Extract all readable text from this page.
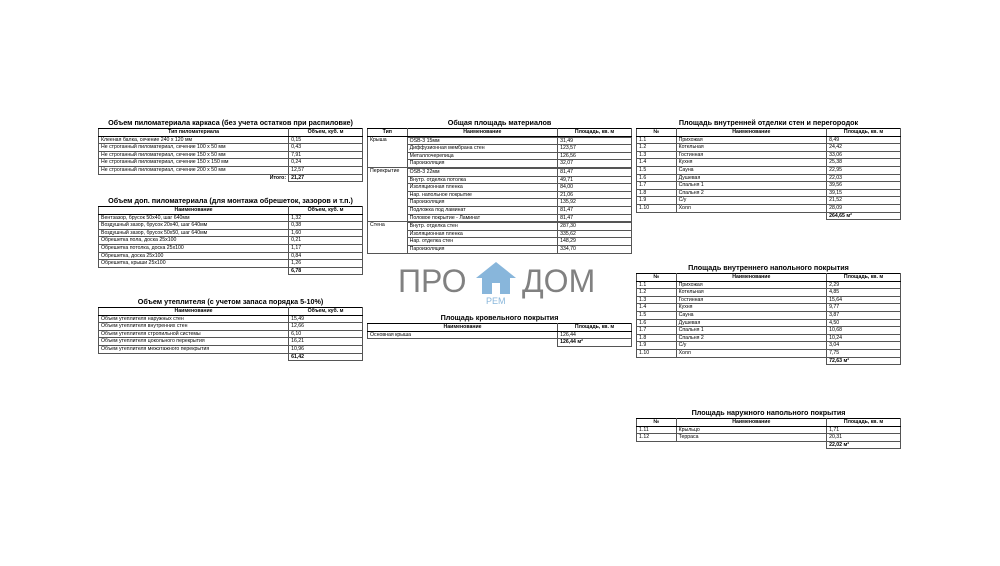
Объем пиломатериала каркаса (без учета остатков при распиловке)
Тип пиломатериала	Объем, куб. м
Клееная балка, сечение 240 x 120 мм	0,15
Не строганный пиломатериал, сечение 100 x 50 мм	0,43
Не строганный пиломатериал, сечение 150 x 50 мм	7,91
Не строганный пиломатериал, сечение 150 x 150 мм	0,24
Не строганный пиломатериал, сечение 200 x 50 мм	12,57
Итого:	21,27
Объем доп. пиломатериала (для монтажа обрешеток, зазоров и т.п.)
Наименование	Объем, куб. м
Вентзазор, брусок 50x40, шаг 640мм	1,32
Воздушный зазор, брусок 20x40, шаг 640мм	0,38
Воздушный зазор, брусок 50x50, шаг 640мм	1,60
Обрешетка пола, доска 25x100	0,21
Обрешетка потолка, доска 25x100	1,17
Обрешетка, доска 25x100	0,84
Обрешетка, крыши 25x100	1,26
	6,78
Объем утеплителя (с учетом запаса порядка 5-10%)
Наименование	Объем, куб. м
Объем утеплителя наружных стен	15,49
Объем утеплителя внутренних стен	12,66
Объем утеплителя стропильной системы	6,10
Объем утеплителя цокольного перекрытия	16,21
Объем утеплителя межэтажного перекрытия	10,96
	61,42
Общая площадь материалов
Тип	Наименование	Площадь, кв. м
Крыша		
	OSB-3 15мм	31,49
	Диффузионная мембрана стен	123,57
	Металлочерепица	126,56
	Пароизоляция	32,07
Перекрытие		
	OSB-3 22мм	81,47
	Внутр. отделка потолка	49,71
	Изоляционная пленка	84,00
	Нар. напольное покрытие	21,06
	Пароизоляция	135,92
	Подложка под ламинат	81,47
	Половое покрытие - Ламинат	81,47
Стена		
	Внутр. отделка стен	287,30
	Изоляционная пленка	335,62
	Нар. отделка стен	148,29
	Пароизоляция	334,70
Площадь кровельного покрытия
Наименование	Площадь, кв. м
Основная крыша	126,44
	126,44 м²
Площадь внутренней отделки стен и перегородок
№	Наименование	Площадь, кв. м
1.1	Прихожая	8,49
1.2	Котельная	24,42
1.3	Гостинная	33,06
1.4	Кухня	25,38
1.5	Сауна	22,95
1.6	Душевая	22,03
1.7	Спальня 1	39,56
1.8	Спальня 2	39,15
1.9	С/у	21,52
1.10	Холл	28,09
		264,65 м²
Площадь внутреннего напольного покрытия
№	Наименование	Площадь, кв. м
1.1	Прихожая	2,29
1.2	Котельная	4,85
1.3	Гостинная	15,64
1.4	Кухня	9,77
1.5	Сауна	3,87
1.6	Душевая	4,50
1.7	Спальня 1	10,68
1.8	Спальня 2	10,24
1.9	С/у	3,04
1.10	Холл	7,75
		72,63 м²
Площадь наружного напольного покрытия
№	Наименование	Площадь, кв. м
1.11	Крыльцо	1,71
1.12	Терраса	20,31
		22,02 м²
ПРО
РЕМ
ДОМ
